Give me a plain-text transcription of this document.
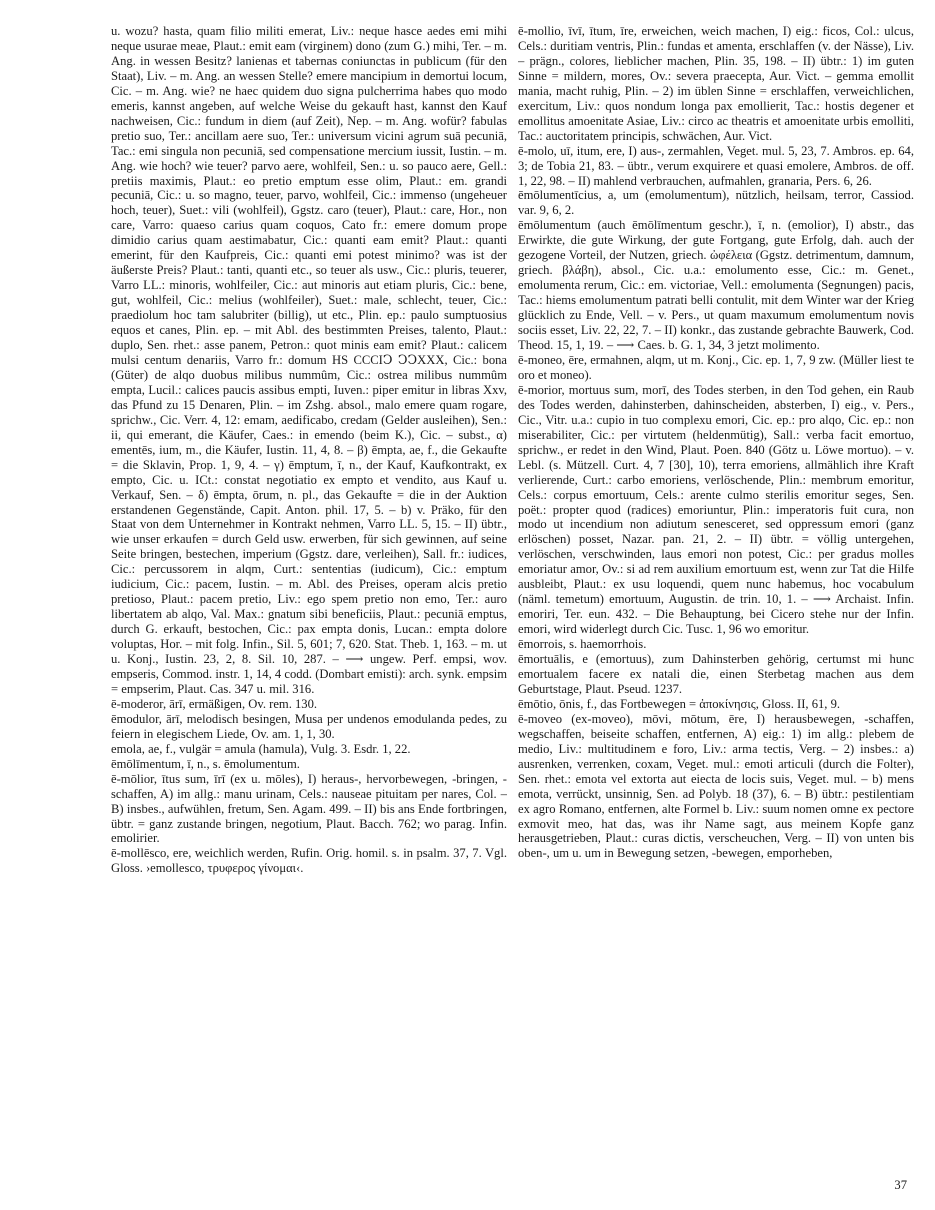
u. wozu? hasta, quam filio militi emerat, Liv.: neque hasce aedes emi mihi neque usurae meae, Plaut.: emit eam (virginem) dono (zum G.) mihi, Ter. – m. Ang. in wessen Besitz? lanienas et tabernas coniunctas in publicum (für den Staat), Liv. – m. Ang. an wessen Stelle? emere mancipium in demortui locum, Cic. – m. Ang. wie? ne haec quidem duo signa pulcherrima habes quo modo emeris, kannst angeben, auf welche Weise du gekauft hast, kannst den Kauf nachweisen, Cic.: fundum in diem (auf Zeit), Nep. – m. Ang. wofür? fabulas pretio suo, Ter.: ancillam aere suo, Ter.: universum vicini agrum suā pecuniā, Tac.: emi singula non pecuniā, sed compensatione mercium iussit, Iustin. – m. Ang. wie hoch? wie teuer? parvo aere, wohlfeil, Sen.: u. so pauco aere, Gell.: pretiis maximis, Plaut.: eo pretio emptum esse olim, Plaut.: em. grandi pecuniā, Cic.: u. so magno, teuer, parvo, wohlfeil, Cic.: immenso (ungeheuer hoch, teuer), Suet.: vili (wohlfeil), Ggstz. caro (teuer), Plaut.: care, Hor., non care, Varro: quaeso carius quam coquos, Cato fr.: emere domum prope dimidio carius quam aestimabatur, Cic.: quanti eam emit? Plaut.: quanti emerint, für den Kaufpreis, Cic.: quanti emi potest minimo? was ist der äußerste Preis? Plaut.: tanti, quanti etc., so teuer als usw., Cic.: pluris, teuerer, Varro LL.: minoris, wohlfeiler, Cic.: aut minoris aut etiam pluris, Cic.: bene, gut, wohlfeil, Cic.: melius (wohlfeiler), Suet.: male, schlecht, teuer, Cic.: praediolum hoc tam salubriter (billig), ut etc., Plin. ep.: paulo sumptuosius equos et canes, Plin. ep. – mit Abl. des bestimmten Preises, talento, Plaut.: duplo, Sen. rhet.: asse panem, Petron.: quot minis eam emit? Plaut.: calicem mulsi centum denariis, Varro fr.: domum HS CCCIↃ ↃↃXXX, Cic.: bona (Güter) de alqo duobus milibus nummûm, Cic.: ostrea milibus nummûm empta, Lucil.: calices paucis assibus empti, Iuven.: piper emitur in libras Xxv, das Pfund zu 15 Denaren, Plin. – im Zshg. absol., malo emere quam rogare, sprichw., Cic. Verr. 4, 12: emam, aedificabo, credam (Gelder ausleihen), Sen.: ii, qui emerant, die Käufer, Caes.: in emendo (beim K.), Cic. – subst., α) ementēs, ium, m., die Käufer, Iustin. 11, 4, 8. – β) ēmpta, ae, f., die Gekaufte = die Sklavin, Prop. 1, 9, 4. – γ) ēmptum, ī, n., der Kauf, Kaufkontrakt, ex empto, Cic. u. ICt.: constat negotiatio ex empto et vendito, aus Kauf u. Verkauf, Sen. – δ) ēmpta, ōrum, n. pl., das Gekaufte = die in der Auktion erstandenen Gegenstände, Capit. Anton. phil. 17, 5. – b) v. Präko, für den Staat von dem Unternehmer in Kontrakt nehmen, Varro LL. 5, 15. – II) übtr., wie unser erkaufen = durch Geld usw. erwerben, für sich gewinnen, auf seine Seite bringen, bestechen, imperium (Ggstz. dare, verleihen), Sall. fr.: iudices, Cic.: percussorem in alqm, Curt.: sententias (iudicum), Cic.: emptum iudicium, Cic.: pacem, Iustin. – m. Abl. des Preises, operam alcis pretio pretioso, Plaut.: pacem pretio, Liv.: ego spem pretio non emo, Ter.: auro libertatem ab alqo, Val. Max.: gnatum sibi beneficiis, Plaut.: pecuniā emptus, durch G. erkauft, bestochen, Cic.: pax empta donis, Lucan.: empta dolore voluptas, Hor. – mit folg. Infin., Sil. 5, 601; 7, 620. Stat. Theb. 1, 163. – m. ut u. Konj., Iustin. 23, 2, 8. Sil. 10, 287. – ⟶ ungew. Perf. empsi, wov. empseris, Commod. instr. 1, 14, 4 codd. (Dombart emisti): arch. synk. empsim = empserim, Plaut. Cas. 347 u. mil. 316.

ē-moderor, ārī, ermäßigen, Ov. rem. 130.

ēmodulor, ārī, melodisch besingen, Musa per undenos emodulanda pedes, zu feiern in elegischem Liede, Ov. am. 1, 1, 30.

emola, ae, f., vulgär = amula (hamula), Vulg. 3. Esdr. 1, 22.

ēmōlīmentum, ī, n., s. ēmolumentum.

ē-mōlior, ītus sum, īrī (ex u. mōles), I) heraus-, hervorbewegen, -bringen, -schaffen, A) im allg.: manu urinam, Cels.: nauseae pituitam per nares, Col. – B) insbes., aufwühlen, fretum, Sen. Agam. 499. – II) bis ans Ende fortbringen, übtr. = ganz zustande bringen, negotium, Plaut. Bacch. 762; wo parag. Infin. emolirier.

ē-mollēsco, ere, weichlich werden, Rufin. Orig. homil. s. in psalm. 37, 7. Vgl. Gloss. ›emollesco, τρυφερος γίνομαι‹.

ē-mollio, īvī, ītum, īre, erweichen, weich machen, I) eig.: ficos, Col.: ulcus, Cels.: duritiam ventris, Plin.: fundas et amenta, erschlaffen (v. der Nässe), Liv. – prägn., colores, lieblicher machen, Plin. 35, 198. – II) übtr.: 1) im guten Sinne = mildern, mores, Ov.: severa praecepta, Aur. Vict. – gemma emollit mania, macht ruhig, Plin. – 2) im üblen Sinne = erschlaffen, verweichlichen, exercitum, Liv.: quos nondum longa pax emollierit, Tac.: hostis degener et emollitus amoenitate Asiae, Liv.: circo ac theatris et amoenitate urbis emolliti, Tac.: auctoritatem principis, schwächen, Aur. Vict.

ē-molo, uī, itum, ere, I) aus-, zermahlen, Veget. mul. 5, 23, 7. Ambros. ep. 64, 3; de Tobia 21, 83. – übtr., verum exquirere et quasi emolere, Ambros. de off. 1, 22, 98. – II) mahlend verbrauchen, aufmahlen, granaria, Pers. 6, 26.

ēmōlumentīcius, a, um (emolumentum), nützlich, heilsam, terror, Cassiod. var. 9, 6, 2.

ēmōlumentum (auch ēmōlīmentum geschr.), ī, n. (emolior), I) abstr., das Erwirkte, die gute Wirkung, der gute Fortgang, gute Erfolg, dah. auch der gezogene Vorteil, der Nutzen, griech. ὠφέλεια (Ggstz. detrimentum, damnum, griech. βλάβη), absol., Cic. u.a.: emolumento esse, Cic.: m. Genet., emolumenta rerum, Cic.: em. victoriae, Vell.: emolumenta (Segnungen) pacis, Tac.: hiems emolumentum patrati belli contulit, mit dem Winter war der Krieg glücklich zu Ende, Vell. – v. Pers., ut quam maxumum emolumentum novis sociis esset, Liv. 22, 22, 7. – II) konkr., das zustande gebrachte Bauwerk, Cod. Theod. 15, 1, 19. – ⟶ Caes. b. G. 1, 34, 3 jetzt molimento.

ē-moneo, ēre, ermahnen, alqm, ut m. Konj., Cic. ep. 1, 7, 9 zw. (Müller liest te oro et moneo).

ē-morior, mortuus sum, morī, des Todes sterben, in den Tod gehen, ein Raub des Todes werden, dahinsterben, dahinscheiden, absterben, I) eig., v. Pers., Cic., Vitr. u.a.: cupio in tuo complexu emori, Cic. ep.: pro alqo, Cic. ep.: non miserabiliter, Cic.: per virtutem (heldenmütig), Sall.: verba facit emortuo, sprichw., er redet in den Wind, Plaut. Poen. 840 (Götz u. Löwe mortuo). – v. Lebl. (s. Mützell. Curt. 4, 7 [30], 10), terra emoriens, allmählich ihre Kraft verlierende, Curt.: carbo emoriens, verlöschende, Plin.: membrum emoritur, Cels.: corpus emortuum, Cels.: arente culmo sterilis emoritur seges, Sen. poët.: propter quod (radices) emoriuntur, Plin.: imperatoris fuit cura, non modo ut incendium non adiutum senesceret, sed oppressum emori (ganz erlöschen) posset, Nazar. pan. 21, 2. – II) übtr. = völlig untergehen, verlöschen, verschwinden, laus emori non potest, Cic.: per gradus molles emoriatur amor, Ov.: si ad rem auxilium emortuum est, wenn zur Tat die Hilfe ausbleibt, Plaut.: ex usu loquendi, quem nunc habemus, hoc vocabulum (näml. temetum) emortuum, Augustin. de trin. 10, 1. – ⟶ Archaist. Infin. emoriri, Ter. eun. 432. – Die Behauptung, bei Cicero stehe nur der Infin. emori, wird widerlegt durch Cic. Tusc. 1, 96 wo emoritur.

ēmorrois, s. haemorrhois.

ēmortuālis, e (emortuus), zum Dahinsterben gehörig, certumst mi hunc emortualem facere ex natali die, einen Sterbetag machen aus dem Geburtstage, Plaut. Pseud. 1237.

ēmōtio, ōnis, f., das Fortbewegen = ἀποκίνησις, Gloss. II, 61, 9.

ē-moveo (ex-moveo), mōvi, mōtum, ēre, I) herausbewegen, -schaffen, wegschaffen, beiseite schaffen, entfernen, A) eig.: 1) im allg.: plebem de medio, Liv.: multitudinem e foro, Liv.: arma tectis, Verg. – 2) insbes.: a) ausrenken, verrenken, coxam, Veget. mul.: emoti articuli (durch die Folter), Sen. rhet.: emota vel extorta aut eiecta de locis suis, Veget. mul. – b) mens emota, verrückt, unsinnig, Sen. ad Polyb. 18 (37), 6. – B) übtr.: pestilentiam ex agro Romano, entfernen, alte Formel b. Liv.: suum nomen omne ex pectore exmovit meo, hat das, was ihr Name sagt, aus meinem Kopfe ganz herausgetrieben, Plaut.: curas dictis, verscheuchen, Verg. – II) von unten bis oben-, um u. um in Bewegung setzen, -bewegen, emporheben,

37
